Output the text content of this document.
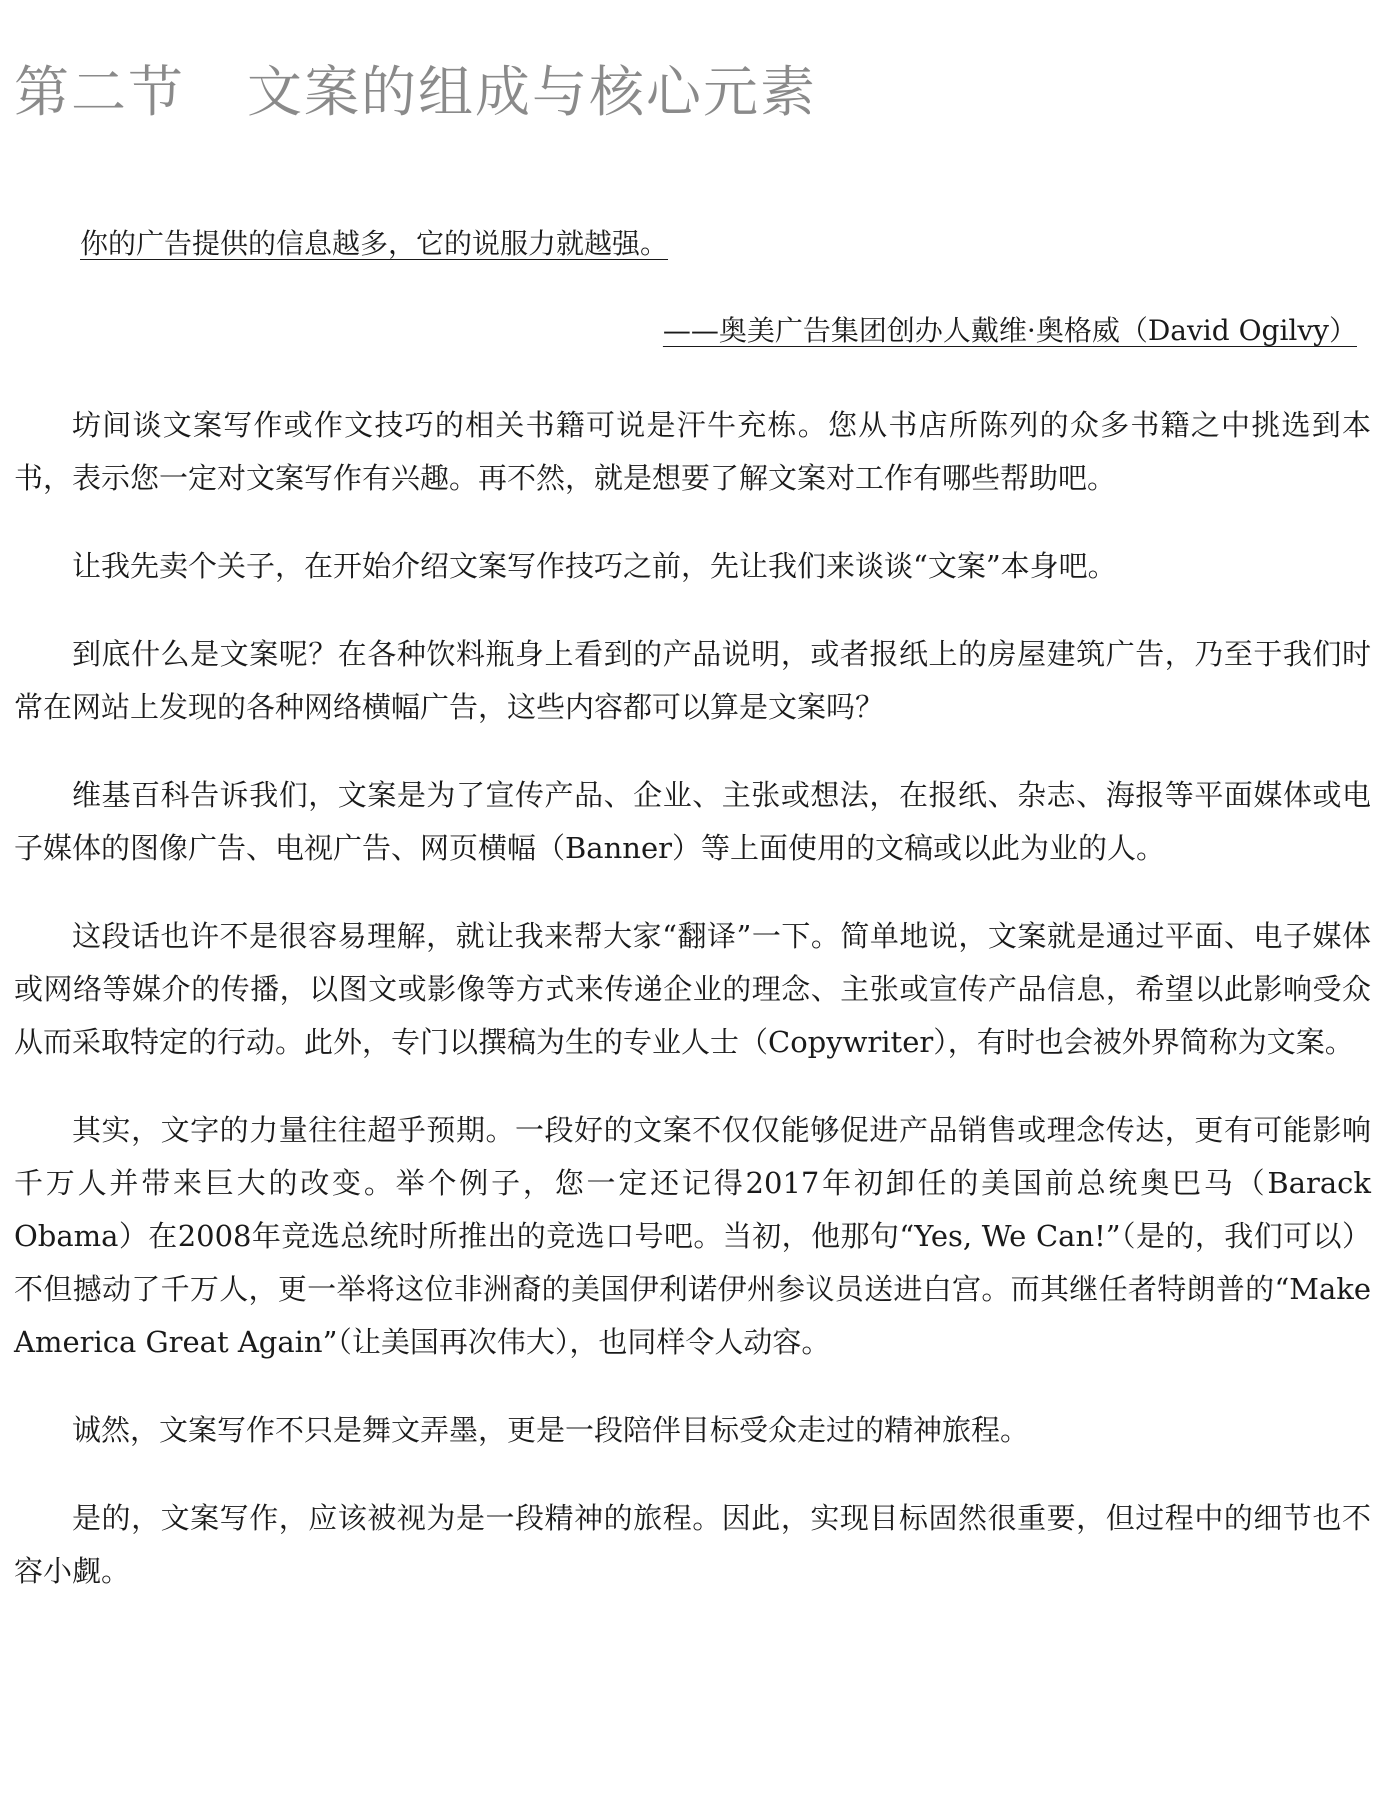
第二节 文案的组成与核心元素
你的广告提供的信息越多，它的说服力就越强。
——奥美广告集团创办人戴维·奥格威（David Ogilvy）

坊间谈文案写作或作文技巧的相关书籍可说是汗牛充栋。您从书店所陈列的众多书籍之中挑选到本书，表示您一定对文案写作有兴趣。再不然，就是想要了解文案对工作有哪些帮助吧。

让我先卖个关子，在开始介绍文案写作技巧之前，先让我们来谈谈“文案”本身吧。

到底什么是文案呢？在各种饮料瓶身上看到的产品说明，或者报纸上的房屋建筑广告，乃至于我们时常在网站上发现的各种网络横幅广告，这些内容都可以算是文案吗？

维基百科告诉我们，文案是为了宣传产品、企业、主张或想法，在报纸、杂志、海报等平面媒体或电子媒体的图像广告、电视广告、网页横幅（Banner）等上面使用的文稿或以此为业的人。

这段话也许不是很容易理解，就让我来帮大家“翻译”一下。简单地说，文案就是通过平面、电子媒体或网络等媒介的传播，以图文或影像等方式来传递企业的理念、主张或宣传产品信息，希望以此影响受众从而采取特定的行动。此外，专门以撰稿为生的专业人士（Copywriter），有时也会被外界简称为文案。

其实，文字的力量往往超乎预期。一段好的文案不仅仅能够促进产品销售或理念传达，更有可能影响千万人并带来巨大的改变。举个例子，您一定还记得2017年初卸任的美国前总统奥巴马（Barack Obama）在2008年竞选总统时所推出的竞选口号吧。当初，他那句“Yes, We Can!”（是的，我们可以）不但撼动了千万人，更一举将这位非洲裔的美国伊利诺伊州参议员送进白宫。而其继任者特朗普的“Make America Great Again”（让美国再次伟大），也同样令人动容。

诚然，文案写作不只是舞文弄墨，更是一段陪伴目标受众走过的精神旅程。

是的，文案写作，应该被视为是一段精神的旅程。因此，实现目标固然很重要，但过程中的细节也不容小觑。
